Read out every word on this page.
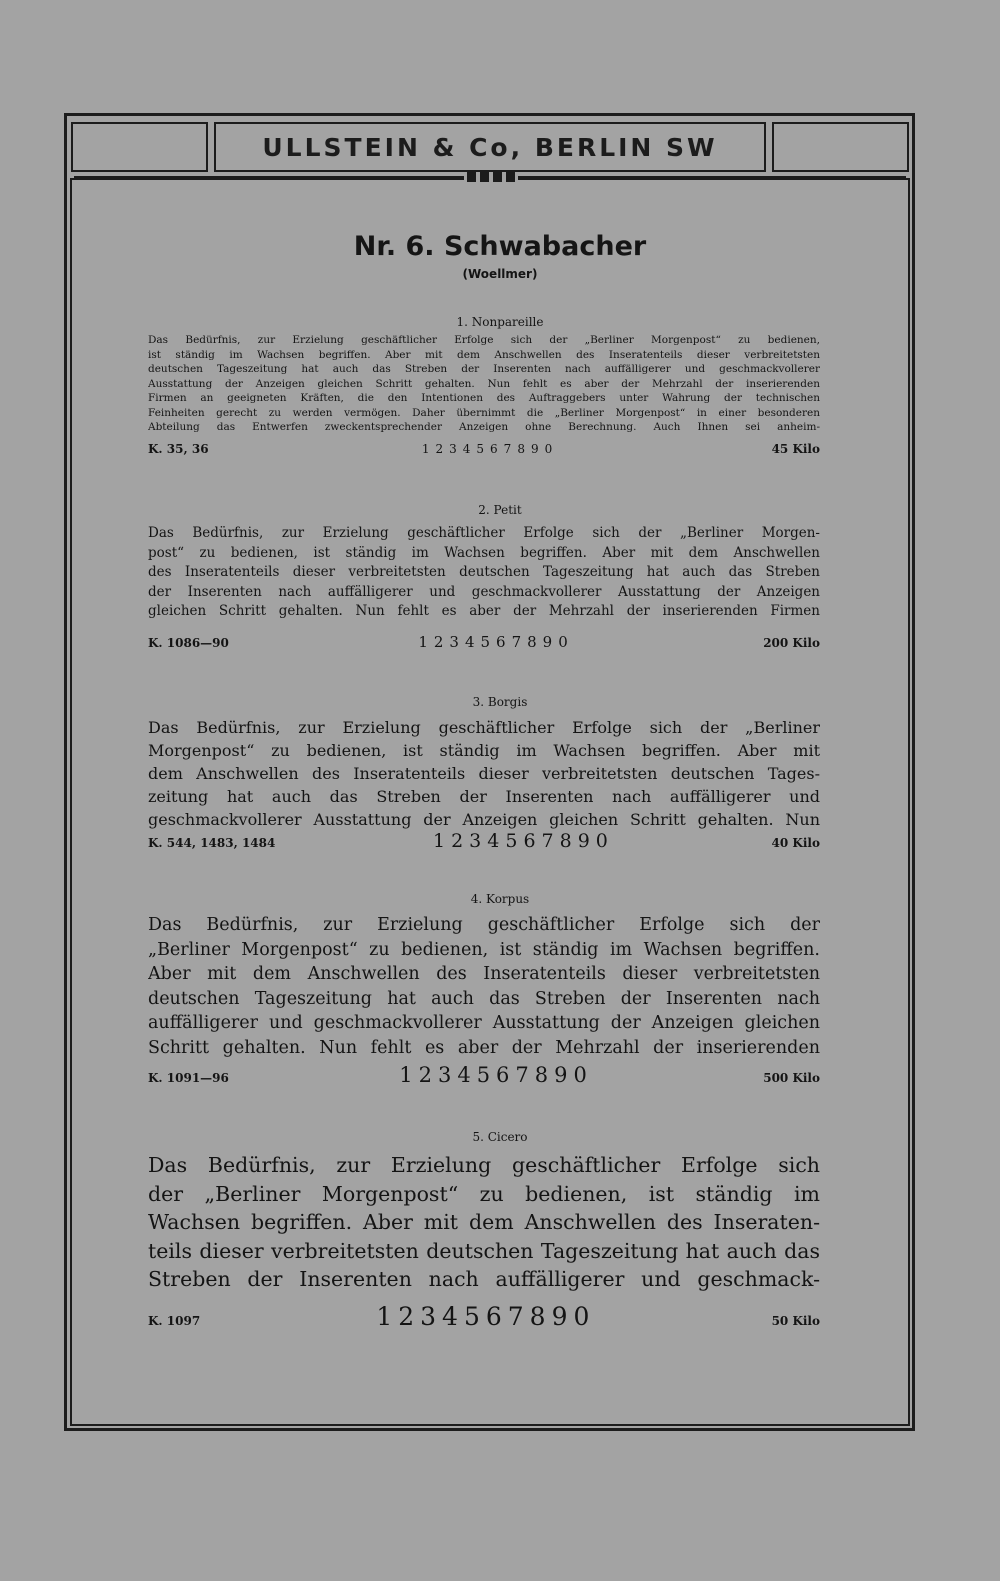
ULLSTEIN & Co, BERLIN SW
Nr. 6. Schwabacher
(Woellmer)
1. Nonpareille
Das Bedürfnis, zur Erzielung geschäftlicher Erfolge sich der „Berliner Morgenpost“ zu bedienen,
ist ständig im Wachsen begriffen. Aber mit dem Anschwellen des Inseratenteils dieser verbreitetsten
deutschen Tageszeitung hat auch das Streben der Inserenten nach auffälligerer und geschmackvollerer
Ausstattung der Anzeigen gleichen Schritt gehalten. Nun fehlt es aber der Mehrzahl der inserierenden
Firmen an geeigneten Kräften, die den Intentionen des Auftraggebers unter Wahrung der technischen
Feinheiten gerecht zu werden vermögen. Daher übernimmt die „Berliner Morgenpost“ in einer besonderen
Abteilung das Entwerfen zweckentsprechender Anzeigen ohne Berechnung. Auch Ihnen sei anheim-
K. 35, 36	1234567890	45 Kilo
2. Petit
Das Bedürfnis, zur Erzielung geschäftlicher Erfolge sich der „Berliner Morgen-
post“ zu bedienen, ist ständig im Wachsen begriffen. Aber mit dem Anschwellen
des Inseratenteils dieser verbreitetsten deutschen Tageszeitung hat auch das Streben
der Inserenten nach auffälligerer und geschmackvollerer Ausstattung der Anzeigen
gleichen Schritt gehalten. Nun fehlt es aber der Mehrzahl der inserierenden Firmen
K. 1086—90	1234567890	200 Kilo
3. Borgis
Das Bedürfnis, zur Erzielung geschäftlicher Erfolge sich der „Berliner
Morgenpost“ zu bedienen, ist ständig im Wachsen begriffen. Aber mit
dem Anschwellen des Inseratenteils dieser verbreitetsten deutschen Tages-
zeitung hat auch das Streben der Inserenten nach auffälligerer und
geschmackvollerer Ausstattung der Anzeigen gleichen Schritt gehalten. Nun
K. 544, 1483, 1484	1234567890	40 Kilo
4. Korpus
Das Bedürfnis, zur Erzielung geschäftlicher Erfolge sich der
„Berliner Morgenpost“ zu bedienen, ist ständig im Wachsen begriffen.
Aber mit dem Anschwellen des Inseratenteils dieser verbreitetsten
deutschen Tageszeitung hat auch das Streben der Inserenten nach
auffälligerer und geschmackvollerer Ausstattung der Anzeigen gleichen
Schritt gehalten. Nun fehlt es aber der Mehrzahl der inserierenden
K. 1091—96	1234567890	500 Kilo
5. Cicero
Das Bedürfnis, zur Erzielung geschäftlicher Erfolge sich
der „Berliner Morgenpost“ zu bedienen, ist ständig im
Wachsen begriffen. Aber mit dem Anschwellen des Inseraten-
teils dieser verbreitetsten deutschen Tageszeitung hat auch das
Streben der Inserenten nach auffälligerer und geschmack-
K. 1097	1234567890	50 Kilo
